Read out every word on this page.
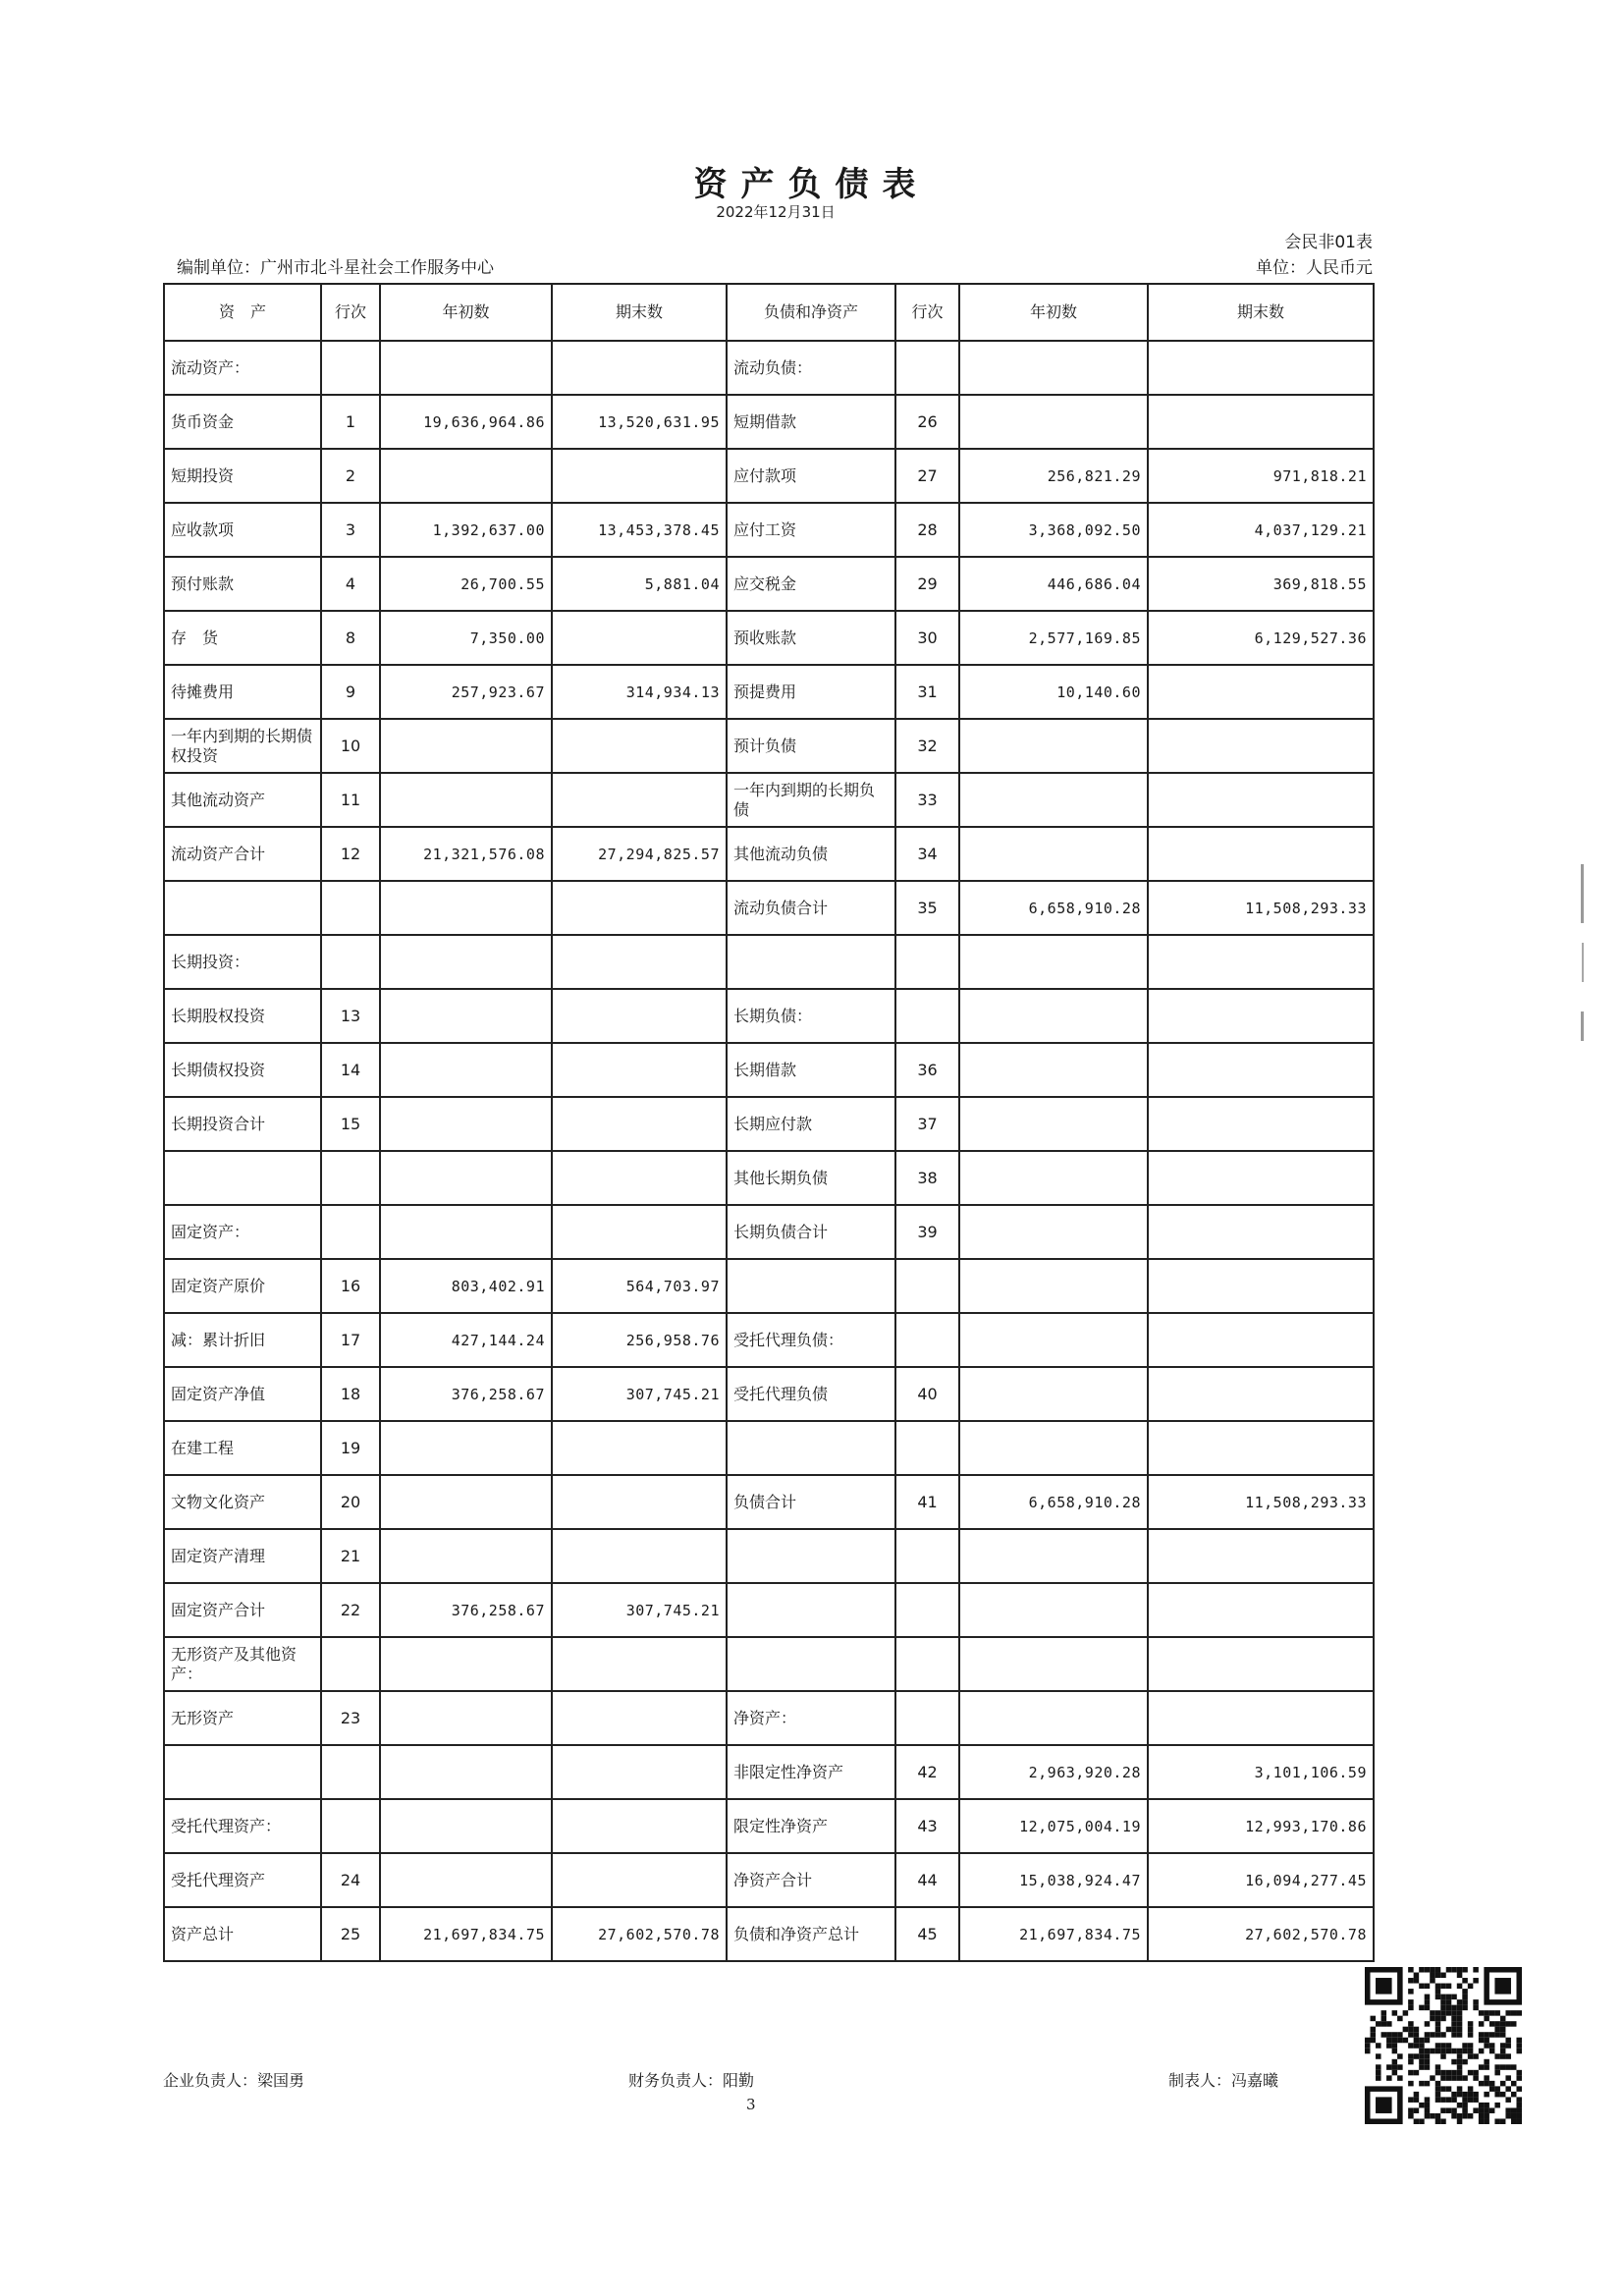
资产负债表
2022年12月31日
会民非01表
编制单位：广州市北斗星社会工作服务中心	单位：人民币元
资　产	行次	年初数	期末数	负债和净资产	行次	年初数	期末数
流动资产：				流动负债：			
货币资金	1	19,636,964.86	13,520,631.95	短期借款	26		
短期投资	2			应付款项	27	256,821.29	971,818.21
应收款项	3	1,392,637.00	13,453,378.45	应付工资	28	3,368,092.50	4,037,129.21
预付账款	4	26,700.55	5,881.04	应交税金	29	446,686.04	369,818.55
存　货	8	7,350.00		预收账款	30	2,577,169.85	6,129,527.36
待摊费用	9	257,923.67	314,934.13	预提费用	31	10,140.60	
一年内到期的长期债权投资	10			预计负债	32		
其他流动资产	11			一年内到期的长期负债	33		
流动资产合计	12	21,321,576.08	27,294,825.57	其他流动负债	34		
				流动负债合计	35	6,658,910.28	11,508,293.33
长期投资：							
长期股权投资	13			长期负债：			
长期债权投资	14			长期借款	36		
长期投资合计	15			长期应付款	37		
				其他长期负债	38		
固定资产：				长期负债合计	39		
固定资产原价	16	803,402.91	564,703.97				
减：累计折旧	17	427,144.24	256,958.76	受托代理负债：			
固定资产净值	18	376,258.67	307,745.21	受托代理负债	40		
在建工程	19						
文物文化资产	20			负债合计	41	6,658,910.28	11,508,293.33
固定资产清理	21						
固定资产合计	22	376,258.67	307,745.21				
无形资产及其他资产：							
无形资产	23			净资产：			
				非限定性净资产	42	2,963,920.28	3,101,106.59
受托代理资产：				限定性净资产	43	12,075,004.19	12,993,170.86
受托代理资产	24			净资产合计	44	15,038,924.47	16,094,277.45
资产总计	25	21,697,834.75	27,602,570.78	负债和净资产总计	45	21,697,834.75	27,602,570.78
企业负责人：梁国勇	财务负责人：阳勤	制表人：冯嘉曦
3
